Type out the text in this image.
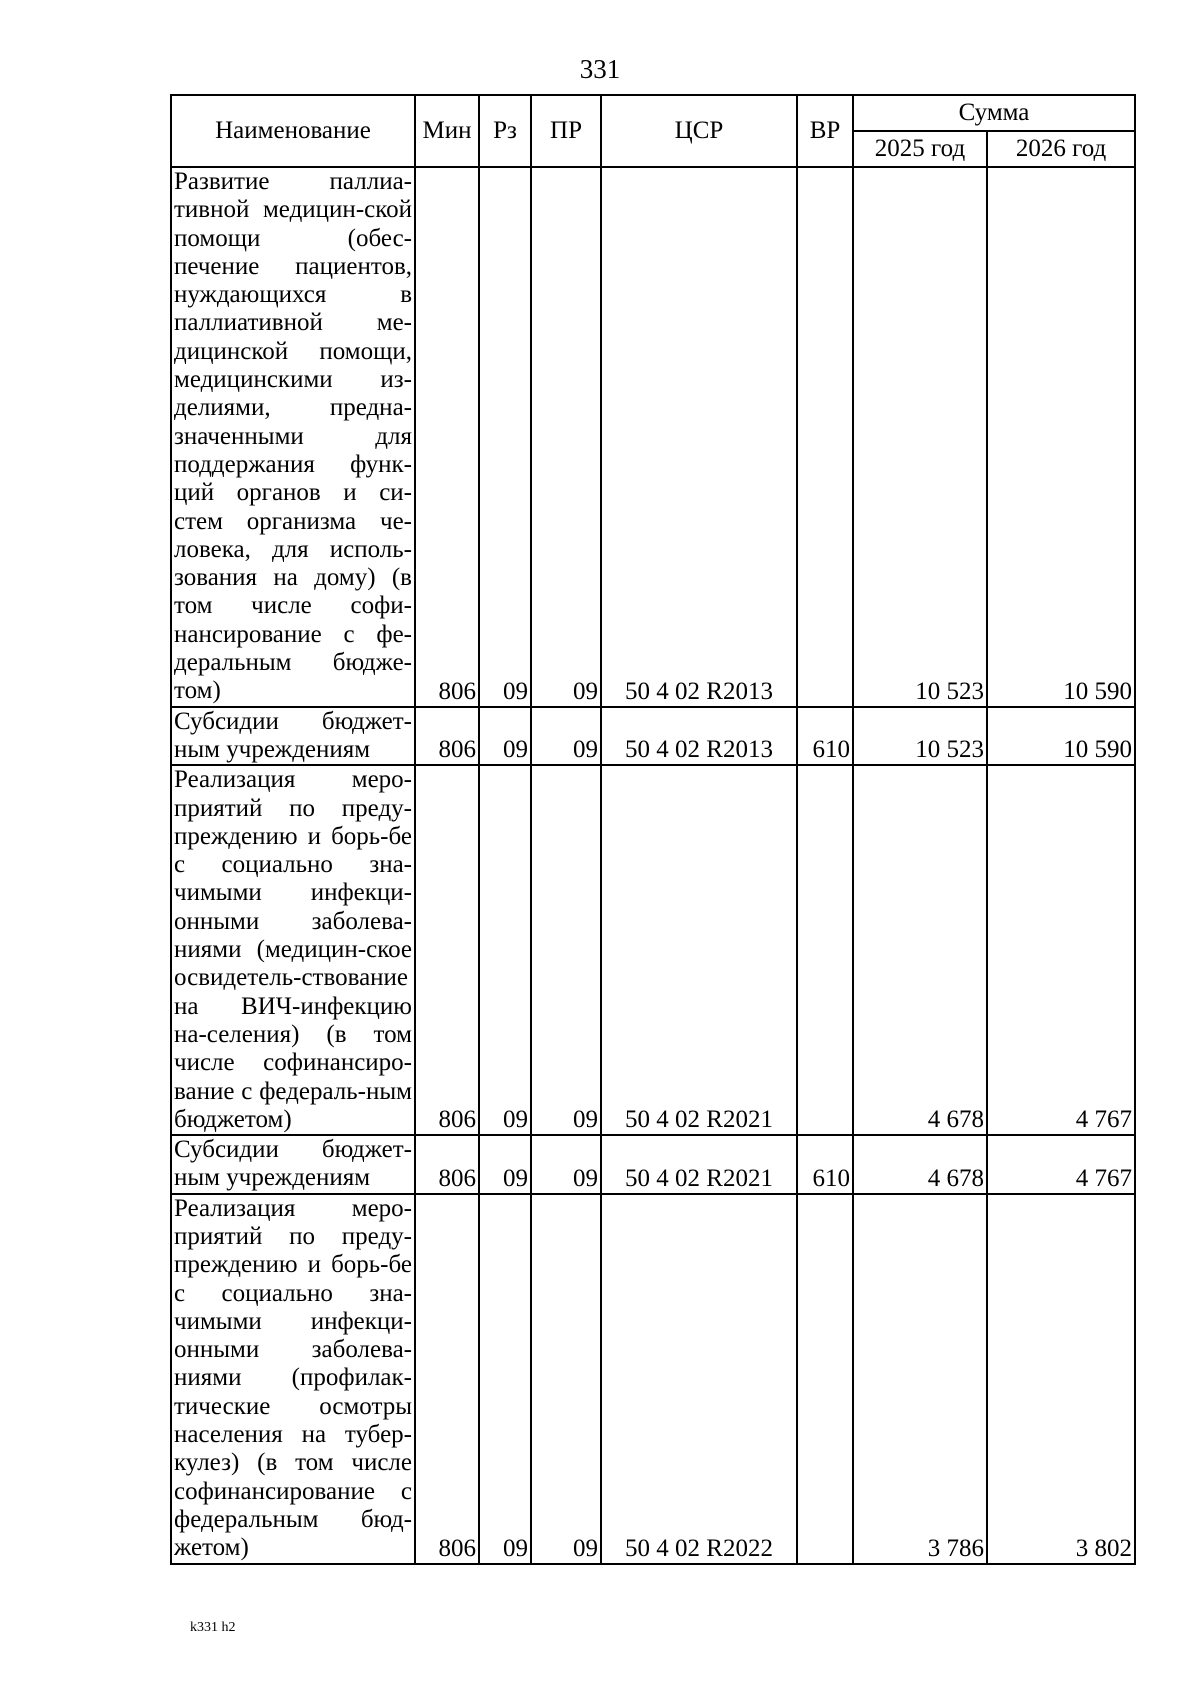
331
Наименование	Мин	Рз	ПР	ЦСР	ВР	Сумма	
						2025 год	2026 год
Развитие паллиа-тивной медицин-ской помощи (обес-печение пациентов, нуждающихся в паллиативной ме-дицинской помощи, медицинскими из-делиями, предна-значенными для поддержания функ-ций органов и си-стем организма че-ловека, для исполь-зования на дому) (в том числе софи-нансирование с фе-деральным бюдже-том)	806	09	09	50 4 02 R2013		10 523	10 590
Субсидии бюджет-ным учреждениям	806	09	09	50 4 02 R2013	610	10 523	10 590
Реализация меро-приятий по преду-преждению и борь-бе с социально зна-чимыми инфекци-онными заболева-ниями (медицин-ское освидетель-ствование на ВИЧ-инфекцию на-селения) (в том числе софинансиро-вание с федераль-ным бюджетом)	806	09	09	50 4 02 R2021		4 678	4 767
Субсидии бюджет-ным учреждениям	806	09	09	50 4 02 R2021	610	4 678	4 767
Реализация меро-приятий по преду-преждению и борь-бе с социально зна-чимыми инфекци-онными заболева-ниями (профилак-тические осмотры населения на тубер-кулез) (в том числе софинансирование с федеральным бюд-жетом)	806	09	09	50 4 02 R2022		3 786	3 802
k331 h2
